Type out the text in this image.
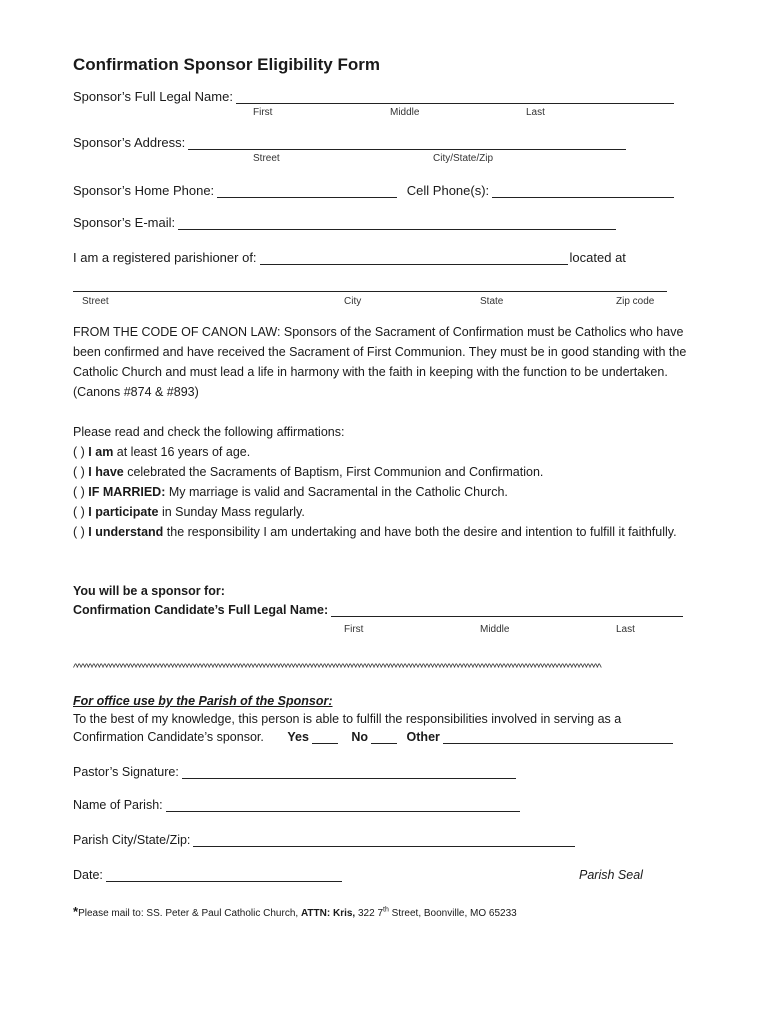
Confirmation Sponsor Eligibility Form
Sponsor’s Full Legal Name:
First	Middle	Last
Sponsor’s Address:
Street	City/State/Zip
Sponsor’s Home Phone:	Cell Phone(s):
Sponsor’s E-mail:
I am a registered parishioner of:	located at
Street	City	State	Zip code
FROM THE CODE OF CANON LAW: Sponsors of the Sacrament of Confirmation must be Catholics who have been confirmed and have received the Sacrament of First Communion. They must be in good standing with the Catholic Church and must lead a life in harmony with the faith in keeping with the function to be undertaken. (Canons #874 & #893)
Please read and check the following affirmations:
( ) I am at least 16 years of age.
( ) I have celebrated the Sacraments of Baptism, First Communion and Confirmation.
( ) IF MARRIED: My marriage is valid and Sacramental in the Catholic Church.
( ) I participate in Sunday Mass regularly.
( ) I understand the responsibility I am undertaking and have both the desire and intention to fulfill it faithfully.
You will be a sponsor for:
Confirmation Candidate’s Full Legal Name:
First	Middle	Last
^^^^^^^^^^^^^^^^^^^^^^^^^^^^^^^^^^^^^^^^^^^^^^^^^^^^^^^^^^^^^^^^^^^^^^^^^^^^^^^^^^^^^^^^^^^^^^^^^^^^^^^^^^^^^^^^^^^^^^^^^^^^^^^^^^^^^^^^^^^^^^^^
For office use by the Parish of the Sponsor:
To the best of my knowledge, this person is able to fulfill the responsibilities involved in serving as a
Confirmation Candidate’s sponsor. Yes	No	Other
Pastor’s Signature:
Name of Parish:
Parish City/State/Zip:
Date:	Parish Seal
*Please mail to: SS. Peter & Paul Catholic Church, ATTN: Kris, 322 7th Street, Boonville, MO 65233
